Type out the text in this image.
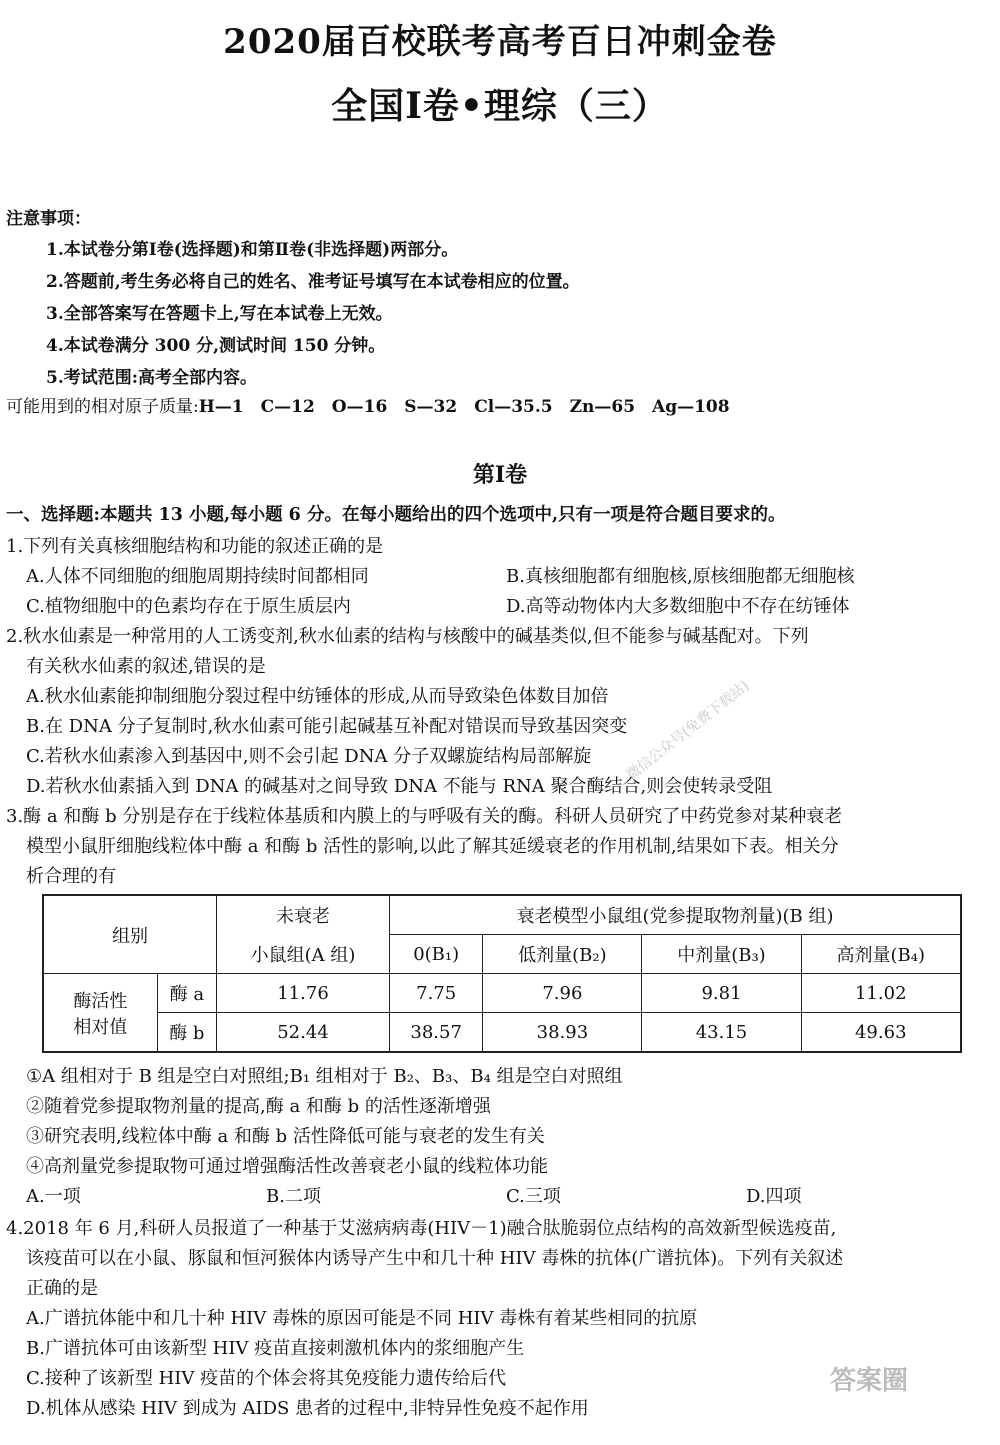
2020届百校联考高考百日冲刺金卷
全国Ⅰ卷•理综（三）
注意事项：
1.本试卷分第Ⅰ卷(选择题)和第Ⅱ卷(非选择题)两部分。
2.答题前,考生务必将自己的姓名、准考证号填写在本试卷相应的位置。
3.全部答案写在答题卡上,写在本试卷上无效。
4.本试卷满分 300 分,测试时间 150 分钟。
5.考试范围:高考全部内容。
可能用到的相对原子质量:H—1　C—12　O—16　S—32　Cl—35.5　Zn—65　Ag—108
第Ⅰ卷
一、选择题:本题共 13 小题,每小题 6 分。在每小题给出的四个选项中,只有一项是符合题目要求的。
1.下列有关真核细胞结构和功能的叙述正确的是
A.人体不同细胞的细胞周期持续时间都相同	B.真核细胞都有细胞核,原核细胞都无细胞核
C.植物细胞中的色素均存在于原生质层内	D.高等动物体内大多数细胞中不存在纺锤体
2.秋水仙素是一种常用的人工诱变剂,秋水仙素的结构与核酸中的碱基类似,但不能参与碱基配对。下列
有关秋水仙素的叙述,错误的是
A.秋水仙素能抑制细胞分裂过程中纺锤体的形成,从而导致染色体数目加倍
B.在 DNA 分子复制时,秋水仙素可能引起碱基互补配对错误而导致基因突变
C.若秋水仙素渗入到基因中,则不会引起 DNA 分子双螺旋结构局部解旋
D.若秋水仙素插入到 DNA 的碱基对之间导致 DNA 不能与 RNA 聚合酶结合,则会使转录受阻
3.酶 a 和酶 b 分别是存在于线粒体基质和内膜上的与呼吸有关的酶。科研人员研究了中药党参对某种衰老
模型小鼠肝细胞线粒体中酶 a 和酶 b 活性的影响,以此了解其延缓衰老的作用机制,结果如下表。相关分
析合理的有
组别		未衰老	衰老模型小鼠组(党参提取物剂量)(B 组)			
		小鼠组(A 组)	0(B₁)	低剂量(B₂)	中剂量(B₃)	高剂量(B₄)

酶活性
相对值	酶 a	11.76	7.75	7.96	9.81	11.02
	酶 b	52.44	38.57	38.93	43.15	49.63
①A 组相对于 B 组是空白对照组;B₁ 组相对于 B₂、B₃、B₄ 组是空白对照组
②随着党参提取物剂量的提高,酶 a 和酶 b 的活性逐渐增强
③研究表明,线粒体中酶 a 和酶 b 活性降低可能与衰老的发生有关
④高剂量党参提取物可通过增强酶活性改善衰老小鼠的线粒体功能
A.一项	B.二项	C.三项	D.四项
4.2018 年 6 月,科研人员报道了一种基于艾滋病病毒(HIV－1)融合肽脆弱位点结构的高效新型候选疫苗,
该疫苗可以在小鼠、豚鼠和恒河猴体内诱导产生中和几十种 HIV 毒株的抗体(广谱抗体)。下列有关叙述
正确的是
A.广谱抗体能中和几十种 HIV 毒株的原因可能是不同 HIV 毒株有着某些相同的抗原
B.广谱抗体可由该新型 HIV 疫苗直接刺激机体内的浆细胞产生
C.接种了该新型 HIV 疫苗的个体会将其免疫能力遗传给后代
D.机体从感染 HIV 到成为 AIDS 患者的过程中,非特异性免疫不起作用
微信公众号(免费下载站)
答案圈
